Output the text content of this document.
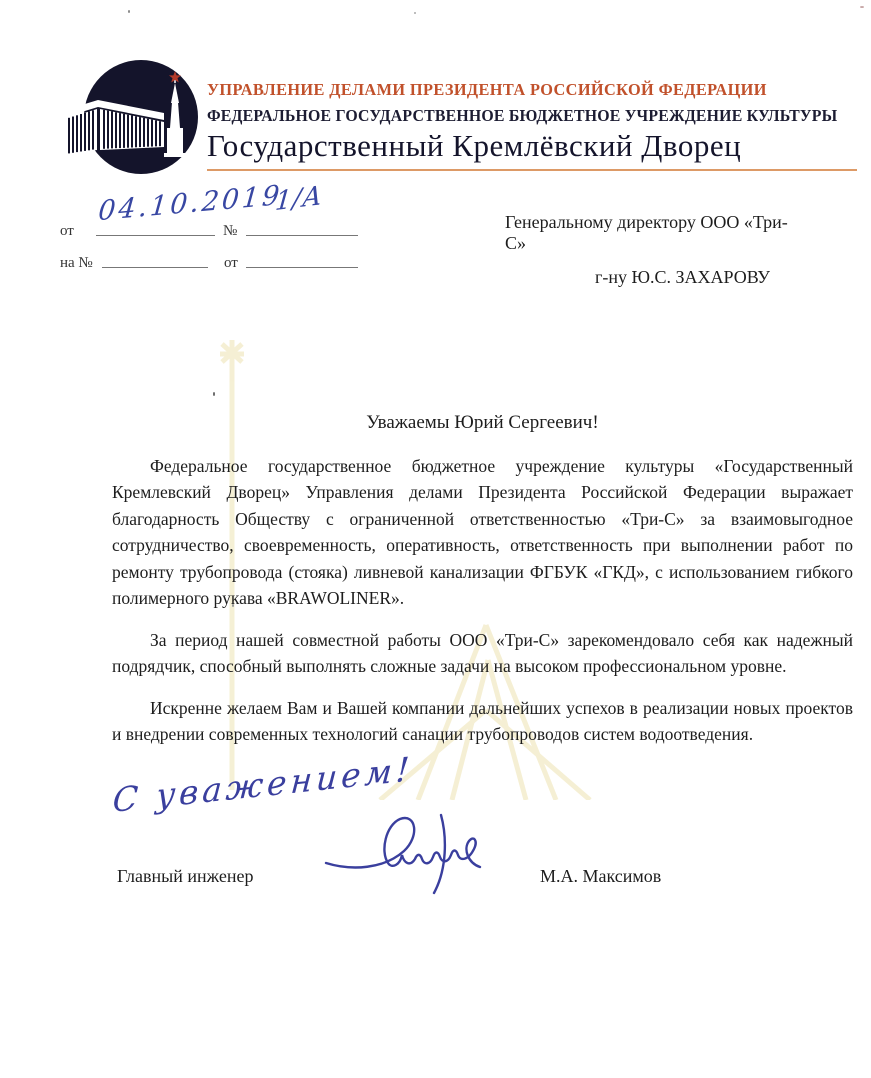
УПРАВЛЕНИЕ ДЕЛАМИ ПРЕЗИДЕНТА РОССИЙСКОЙ ФЕДЕРАЦИИ
ФЕДЕРАЛЬНОЕ ГОСУДАРСТВЕННОЕ БЮДЖЕТНОЕ УЧРЕЖДЕНИЕ КУЛЬТУРЫ
Государственный Кремлёвский Дворец
от	№
04.10.2019
1/А
на №	от
Генеральному директору ООО «Три-С»
г-ну Ю.С. ЗАХАРОВУ
Уважаемы Юрий Сергеевич!

Федеральное государственное бюджетное учреждение культуры «Государственный Кремлевский Дворец» Управления делами Президента Российской Федерации выражает благодарность Обществу с ограниченной ответственностью «Три-С» за взаимовыгодное сотрудничество, своевременность, оперативность, ответственность при выполнении работ по ремонту трубопровода (стояка) ливневой канализации ФГБУК «ГКД», с использованием гибкого полимерного рукава «BRAWOLINER».

За период нашей совместной работы ООО «Три-С» зарекомендовало себя как надежный подрядчик, способный выполнять сложные задачи на высоком профессиональном уровне.

Искренне желаем Вам и Вашей компании дальнейших успехов в реализации новых проектов и внедрении современных технологий санации трубопроводов систем водоотведения.

С уважением!
Главный инженер	М.А. Максимов
